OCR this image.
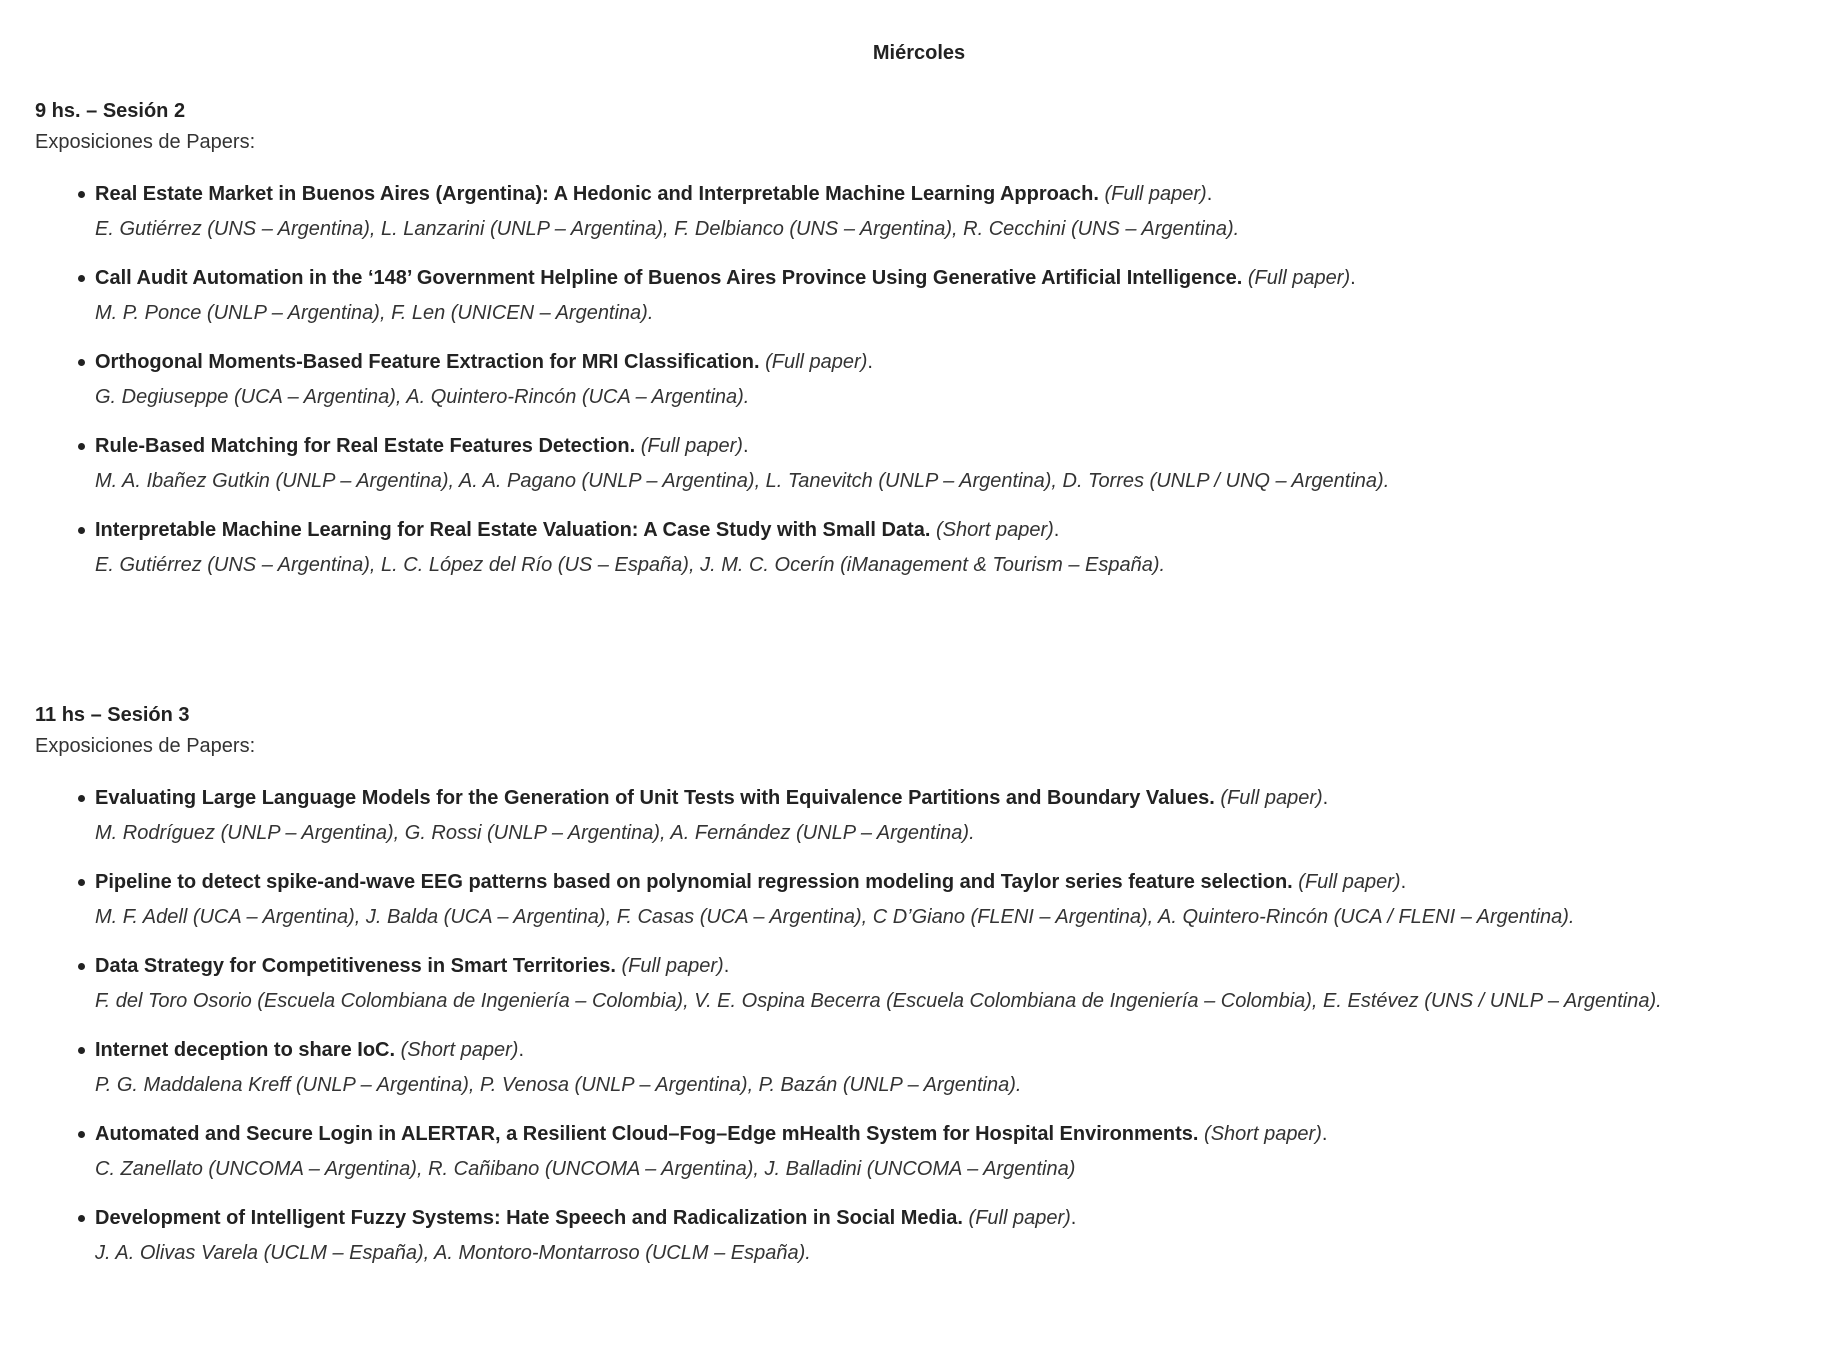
Miércoles

9 hs. – Sesión 2

Exposiciones de Papers:

Real Estate Market in Buenos Aires (Argentina): A Hedonic and Interpretable Machine Learning Approach. (Full paper).
E. Gutiérrez (UNS – Argentina), L. Lanzarini (UNLP – Argentina), F. Delbianco (UNS – Argentina), R. Cecchini (UNS – Argentina).
Call Audit Automation in the ‘148’ Government Helpline of Buenos Aires Province Using Generative Artificial Intelligence. (Full paper).
M. P. Ponce (UNLP – Argentina), F. Len (UNICEN – Argentina).
Orthogonal Moments-Based Feature Extraction for MRI Classification. (Full paper).
G. Degiuseppe (UCA – Argentina), A. Quintero-Rincón (UCA – Argentina).
Rule-Based Matching for Real Estate Features Detection. (Full paper).
M. A. Ibañez Gutkin (UNLP – Argentina), A. A. Pagano (UNLP – Argentina), L. Tanevitch (UNLP – Argentina), D. Torres (UNLP / UNQ – Argentina).
Interpretable Machine Learning for Real Estate Valuation: A Case Study with Small Data. (Short paper).
E. Gutiérrez (UNS – Argentina), L. C. López del Río (US – España), J. M. C. Ocerín (iManagement & Tourism – España).

11 hs – Sesión 3

Exposiciones de Papers:

Evaluating Large Language Models for the Generation of Unit Tests with Equivalence Partitions and Boundary Values. (Full paper).
M. Rodríguez (UNLP – Argentina), G. Rossi (UNLP – Argentina), A. Fernández (UNLP – Argentina).
Pipeline to detect spike-and-wave EEG patterns based on polynomial regression modeling and Taylor series feature selection. (Full paper).
M. F. Adell (UCA – Argentina), J. Balda (UCA – Argentina), F. Casas (UCA – Argentina), C D’Giano (FLENI – Argentina), A. Quintero-Rincón (UCA / FLENI – Argentina).
Data Strategy for Competitiveness in Smart Territories. (Full paper).
F. del Toro Osorio (Escuela Colombiana de Ingeniería – Colombia), V. E. Ospina Becerra (Escuela Colombiana de Ingeniería – Colombia), E. Estévez (UNS / UNLP – Argentina).
Internet deception to share IoC. (Short paper).
P. G. Maddalena Kreff (UNLP – Argentina), P. Venosa (UNLP – Argentina), P. Bazán (UNLP – Argentina).
Automated and Secure Login in ALERTAR, a Resilient Cloud–Fog–Edge mHealth System for Hospital Environments. (Short paper).
C. Zanellato (UNCOMA – Argentina), R. Cañibano (UNCOMA – Argentina), J. Balladini (UNCOMA – Argentina)
Development of Intelligent Fuzzy Systems: Hate Speech and Radicalization in Social Media. (Full paper).
J. A. Olivas Varela (UCLM – España), A. Montoro-Montarroso (UCLM – España).
